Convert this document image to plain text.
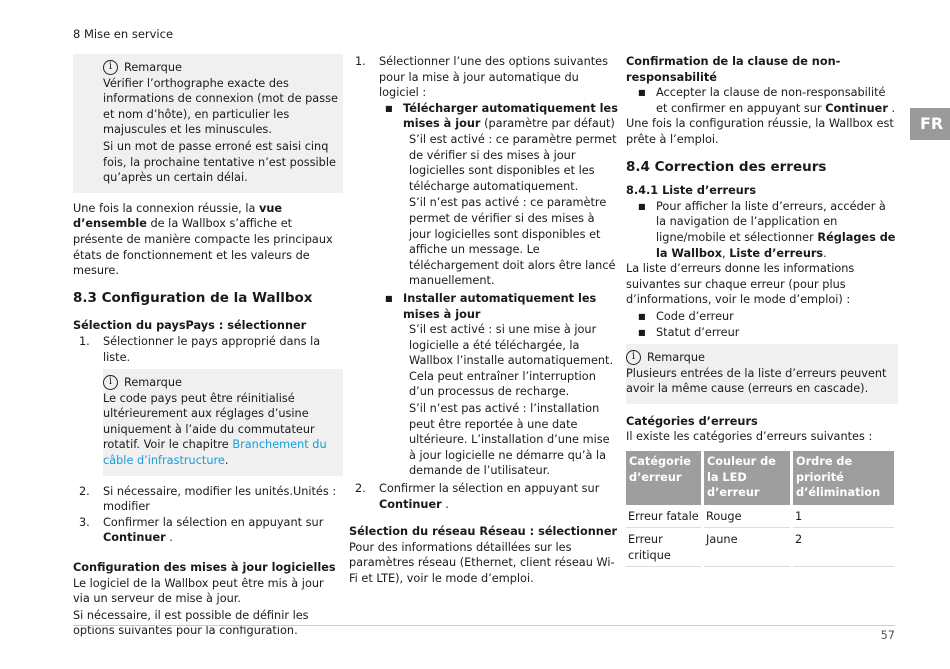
8 Mise en service
FR
i	Remarque

Vérifier l’orthographe exacte des informations de connexion (mot de passe et nom d’hôte), en particulier les majuscules et les minuscules.

Si un mot de passe erroné est saisi cinq fois, la prochaine tentative n’est possible qu’après un certain délai.

Une fois la connexion réussie, la vue d’ensemble de la Wallbox s’affiche et présente de manière compacte les principaux états de fonctionnement et les valeurs de mesure.

8.3 Configuration de la Wallbox
Sélection du paysPays : sélectionner
1.	Sélectionner le pays approprié dans la liste.
i	Remarque

Le code pays peut être réinitialisé ultérieurement aux réglages d’usine uniquement à l’aide du commutateur rotatif. Voir le chapitre Branchement du câble d’infrastructure.

2.	Si nécessaire, modifier les unités.Unités : modifier
3.	Confirmer la sélection en appuyant sur Continuer .
Configuration des mises à jour logicielles

Le logiciel de la Wallbox peut être mis à jour via un serveur de mise à jour.

Si nécessaire, il est possible de définir les options suivantes pour la configuration.

1.	Sélectionner l’une des options suivantes pour la mise à jour automatique du logiciel :
■ Télécharger automatiquement les mises à jour (paramètre par défaut)

S’il est activé : ce paramètre permet de vérifier si des mises à jour logicielles sont disponibles et les télécharge automatiquement.

S’il n’est pas activé : ce paramètre permet de vérifier si des mises à jour logicielles sont disponibles et affiche un message. Le téléchargement doit alors être lancé manuellement.

■ Installer automatiquement les mises à jour

S’il est activé : si une mise à jour logicielle a été téléchargée, la Wallbox l’installe automatiquement. Cela peut entraîner l’interruption d’un processus de recharge.

S’il n’est pas activé : l’installation peut être reportée à une date ultérieure. L’installation d’une mise à jour logicielle ne démarre qu’à la demande de l’utilisateur.

2.	Confirmer la sélection en appuyant sur Continuer .
Sélection du réseau Réseau : sélectionner

Pour des informations détaillées sur les paramètres réseau (Ethernet, client réseau Wi-Fi et LTE), voir le mode d’emploi.

Confirmation de la clause de non-responsabilité
■ Accepter la clause de non-responsabilité et confirmer en appuyant sur Continuer .

Une fois la configuration réussie, la Wallbox est prête à l’emploi.

8.4 Correction des erreurs
8.4.1 Liste d’erreurs
■ Pour afficher la liste d’erreurs, accéder à la navigation de l’application en ligne/mobile et sélectionner Réglages de la Wallbox, Liste d’erreurs.

La liste d’erreurs donne les informations suivantes sur chaque erreur (pour plus d’informations, voir le mode d’emploi) :

■ Code d’erreur
■ Statut d’erreur
i	Remarque

Plusieurs entrées de la liste d’erreurs peuvent avoir la même cause (erreurs en cascade).

Catégories d’erreurs

Il existe les catégories d’erreurs suivantes :

Catégorie d’erreur	Couleur de la LED d’erreur	Ordre de priorité d’élimination
Erreur fatale	Rouge	1
Erreur critique	Jaune	2
57
